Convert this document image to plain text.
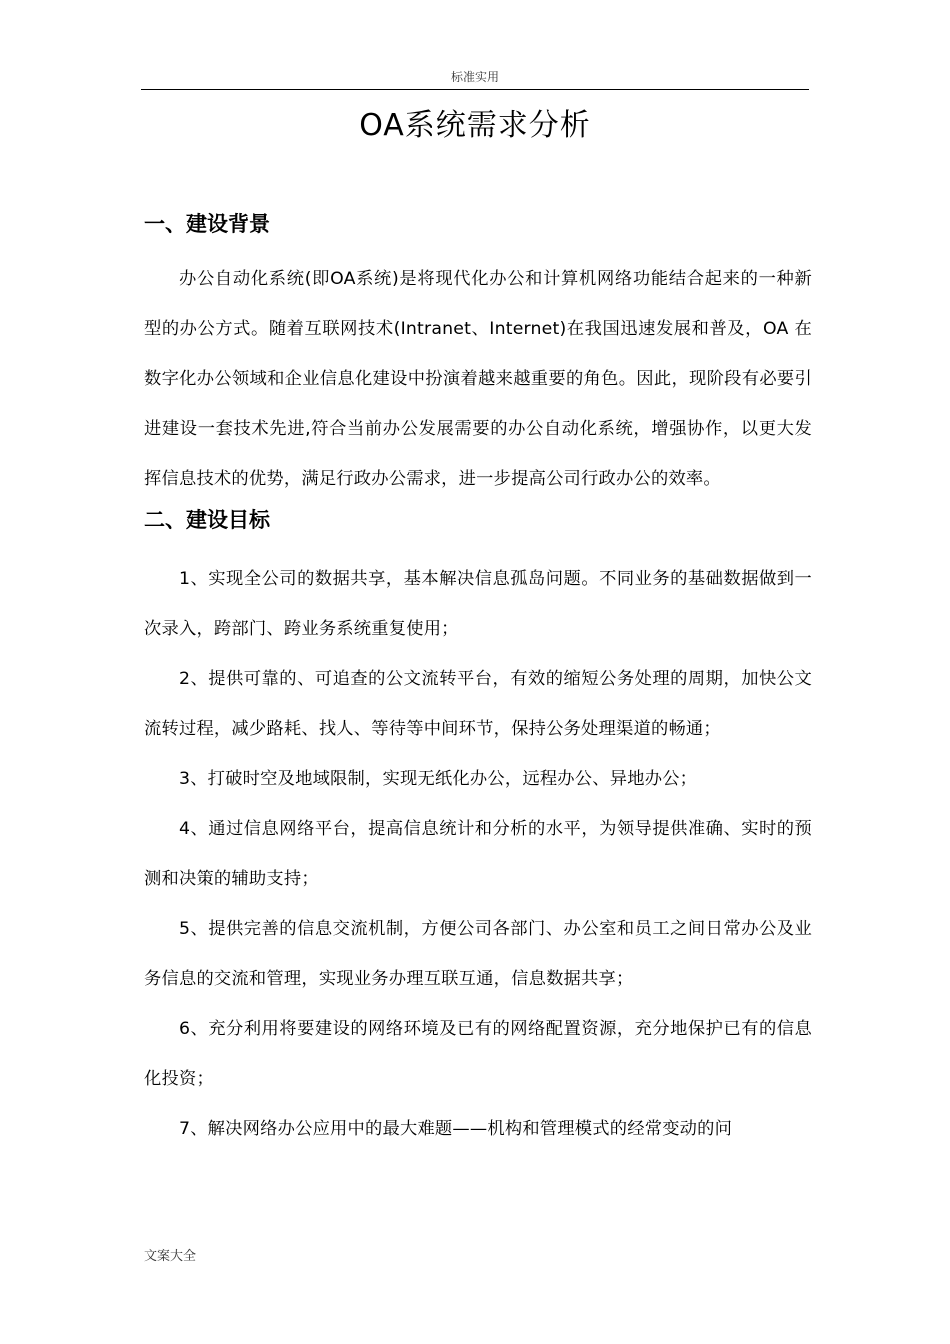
标准实用
OA系统需求分析
一、建设背景

办公自动化系统(即OA系统)是将现代化办公和计算机网络功能结合起来的一种新型的办公方式。随着互联网技术(Intranet、Internet)在我国迅速发展和普及，OA 在数字化办公领域和企业信息化建设中扮演着越来越重要的角色。因此，现阶段有必要引进建设一套技术先进,符合当前办公发展需要的办公自动化系统，增强协作，以更大发挥信息技术的优势，满足行政办公需求，进一步提高公司行政办公的效率。

二、建设目标

1、实现全公司的数据共享，基本解决信息孤岛问题。不同业务的基础数据做到一次录入，跨部门、跨业务系统重复使用；

2、提供可靠的、可追查的公文流转平台，有效的缩短公务处理的周期，加快公文流转过程，减少路耗、找人、等待等中间环节，保持公务处理渠道的畅通；

3、打破时空及地域限制，实现无纸化办公，远程办公、异地办公；

4、通过信息网络平台，提高信息统计和分析的水平，为领导提供准确、实时的预测和决策的辅助支持；

5、提供完善的信息交流机制，方便公司各部门、办公室和员工之间日常办公及业务信息的交流和管理，实现业务办理互联互通，信息数据共享；

6、充分利用将要建设的网络环境及已有的网络配置资源，充分地保护已有的信息化投资；

7、解决网络办公应用中的最大难题——机构和管理模式的经常变动的问

文案大全
